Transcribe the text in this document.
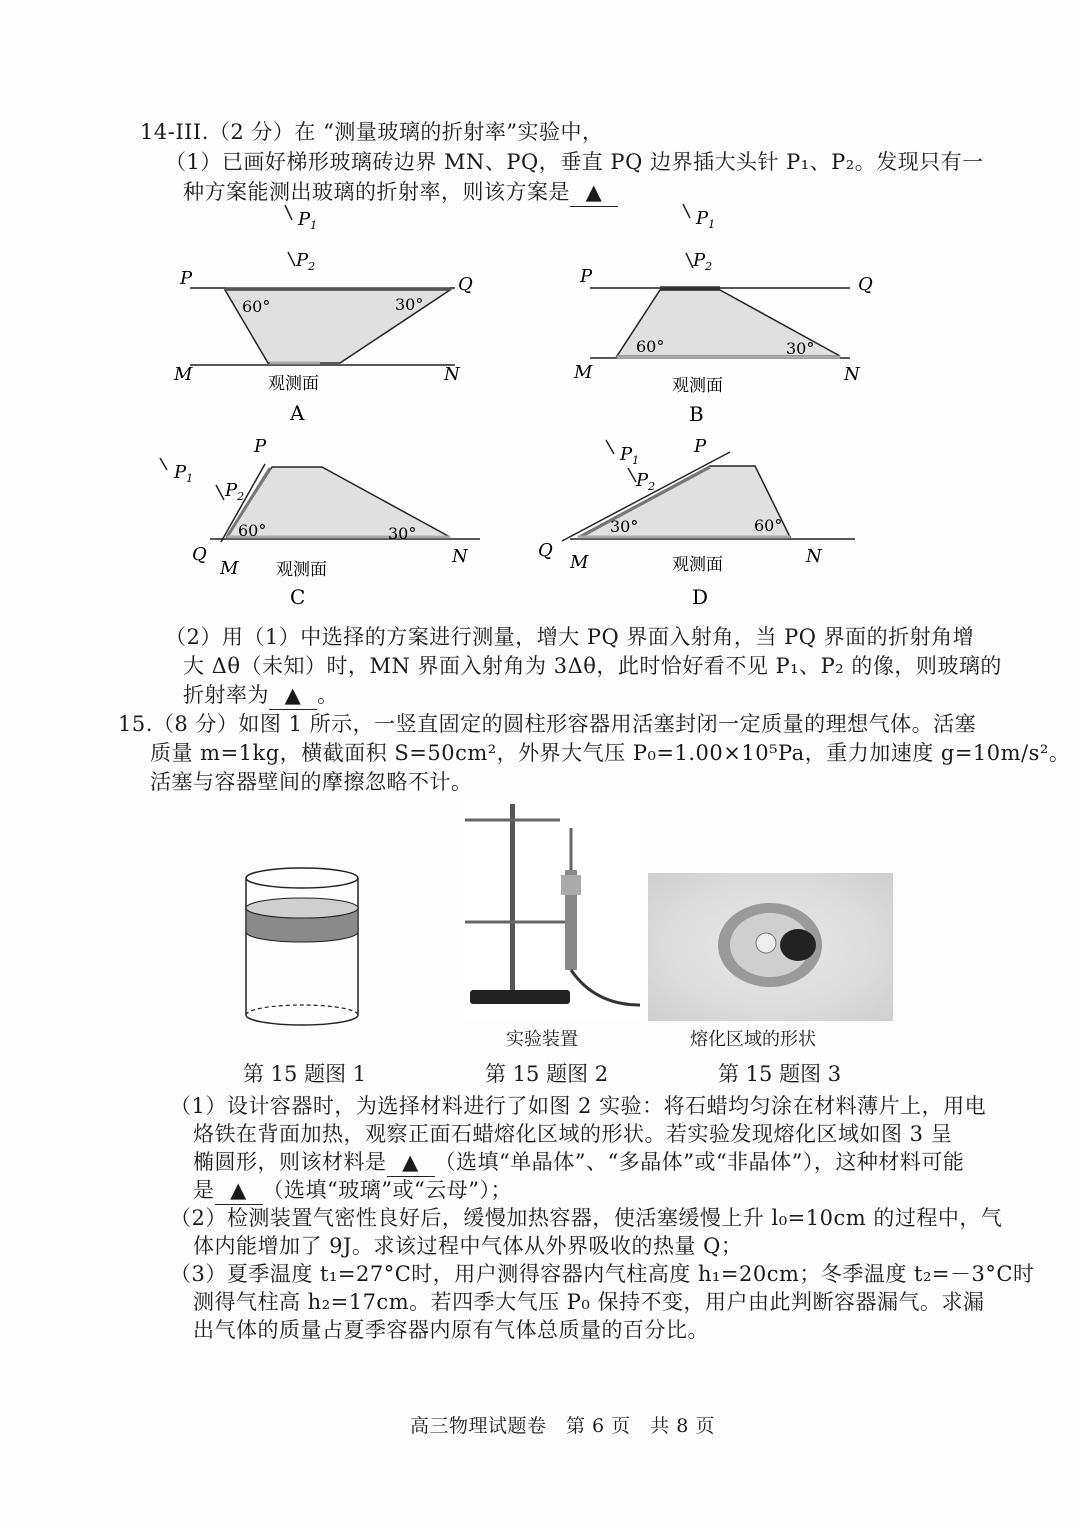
14-III.（2 分）在 “测量玻璃的折射率”实验中，
（1）已画好梯形玻璃砖边界 MN、PQ，垂直 PQ 边界插大头针 P₁、P₂。发现只有一
种方案能测出玻璃的折射率，则该方案是 ▲
$P_1$
$P_2$
P	Q
M	N
60°	30°
观测面
A
$P_1$
$P_2$
P	Q
M	N
60°	30°
观测面
B
$P_1$
$P_2$
P
Q
M
N
60°	30°
观测面
C
$P_1$
$P_2$
P
Q
M	N
30°	60°
观测面
D
（2）用（1）中选择的方案进行测量，增大 PQ 界面入射角，当 PQ 界面的折射角增
大 Δθ（未知）时，MN 界面入射角为 3Δθ，此时恰好看不见 P₁、P₂ 的像，则玻璃的
折射率为 ▲ 。
15.（8 分）如图 1 所示，一竖直固定的圆柱形容器用活塞封闭一定质量的理想气体。活塞
质量 m=1kg，横截面积 S=50cm²，外界大气压 P₀=1.00×10⁵Pa，重力加速度 g=10m/s²。
活塞与容器壁间的摩擦忽略不计。
实验装置	熔化区域的形状
第 15 题图 1	第 15 题图 2	第 15 题图 3
（1）设计容器时，为选择材料进行了如图 2 实验：将石蜡均匀涂在材料薄片上，用电
烙铁在背面加热，观察正面石蜡熔化区域的形状。若实验发现熔化区域如图 3 呈
椭圆形，则该材料是 ▲ （选填“单晶体”、“多晶体”或“非晶体”），这种材料可能
是 ▲ （选填“玻璃”或“云母”）；
（2）检测装置气密性良好后，缓慢加热容器，使活塞缓慢上升 l₀=10cm 的过程中，气
体内能增加了 9J。求该过程中气体从外界吸收的热量 Q；
（3）夏季温度 t₁=27°C时，用户测得容器内气柱高度 h₁=20cm；冬季温度 t₂=－3°C时
测得气柱高 h₂=17cm。若四季大气压 P₀ 保持不变，用户由此判断容器漏气。求漏
出气体的质量占夏季容器内原有气体总质量的百分比。
高三物理试题卷　第 6 页　共 8 页
